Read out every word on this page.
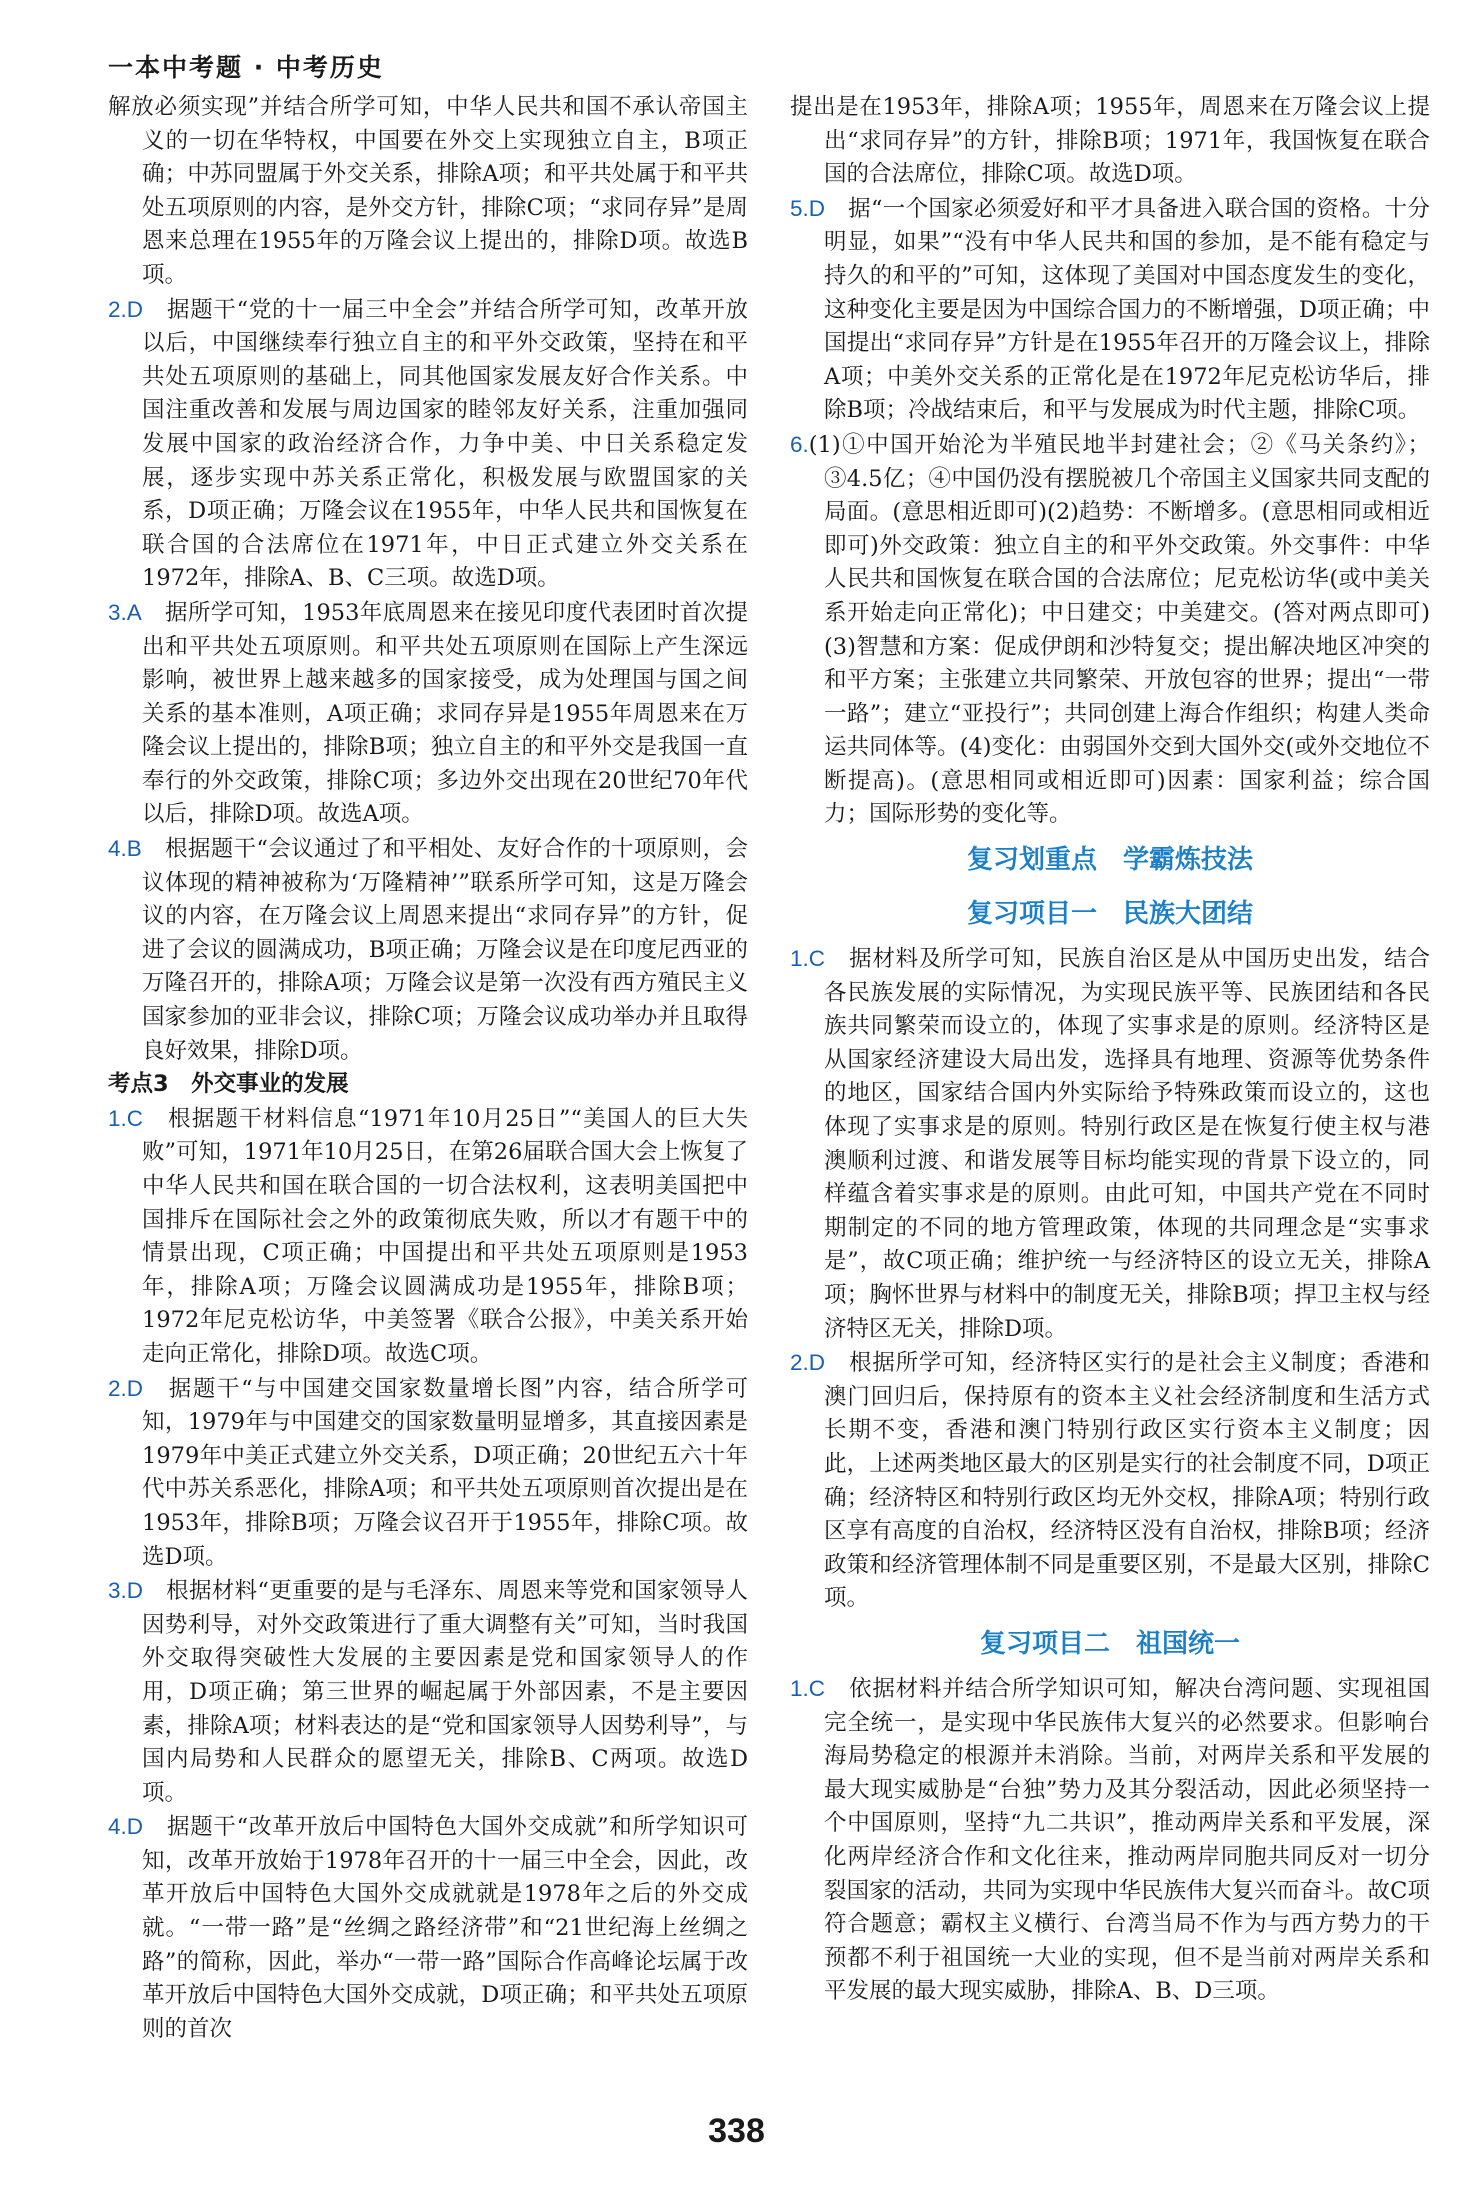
一本中考题 · 中考历史

解放必须实现”并结合所学可知，中华人民共和国不承认帝国主义的一切在华特权，中国要在外交上实现独立自主，B项正确；中苏同盟属于外交关系，排除A项；和平共处属于和平共处五项原则的内容，是外交方针，排除C项；“求同存异”是周恩来总理在1955年的万隆会议上提出的，排除D项。故选B项。

2.D　 据题干“党的十一届三中全会”并结合所学可知，改革开放以后，中国继续奉行独立自主的和平外交政策，坚持在和平共处五项原则的基础上，同其他国家发展友好合作关系。中国注重改善和发展与周边国家的睦邻友好关系，注重加强同发展中国家的政治经济合作，力争中美、中日关系稳定发展，逐步实现中苏关系正常化，积极发展与欧盟国家的关系，D项正确；万隆会议在1955年，中华人民共和国恢复在联合国的合法席位在1971年，中日正式建立外交关系在1972年，排除A、B、C三项。故选D项。

3.A　 据所学可知，1953年底周恩来在接见印度代表团时首次提出和平共处五项原则。和平共处五项原则在国际上产生深远影响，被世界上越来越多的国家接受，成为处理国与国之间关系的基本准则，A项正确；求同存异是1955年周恩来在万隆会议上提出的，排除B项；独立自主的和平外交是我国一直奉行的外交政策，排除C项；多边外交出现在20世纪70年代以后，排除D项。故选A项。

4.B　 根据题干“会议通过了和平相处、友好合作的十项原则，会议体现的精神被称为‘万隆精神’”联系所学可知，这是万隆会议的内容，在万隆会议上周恩来提出“求同存异”的方针，促进了会议的圆满成功，B项正确；万隆会议是在印度尼西亚的万隆召开的，排除A项；万隆会议是第一次没有西方殖民主义国家参加的亚非会议，排除C项；万隆会议成功举办并且取得良好效果，排除D项。

考点3　外交事业的发展

1.C　 根据题干材料信息“1971年10月25日”“美国人的巨大失败”可知，1971年10月25日，在第26届联合国大会上恢复了中华人民共和国在联合国的一切合法权利，这表明美国把中国排斥在国际社会之外的政策彻底失败，所以才有题干中的情景出现，C项正确；中国提出和平共处五项原则是1953年，排除A项；万隆会议圆满成功是1955年，排除B项；1972年尼克松访华，中美签署《联合公报》，中美关系开始走向正常化，排除D项。故选C项。

2.D　 据题干“与中国建交国家数量增长图”内容，结合所学可知，1979年与中国建交的国家数量明显增多，其直接因素是1979年中美正式建立外交关系，D项正确；20世纪五六十年代中苏关系恶化，排除A项；和平共处五项原则首次提出是在1953年，排除B项；万隆会议召开于1955年，排除C项。故选D项。

3.D　 根据材料“更重要的是与毛泽东、周恩来等党和国家领导人因势利导，对外交政策进行了重大调整有关”可知，当时我国外交取得突破性大发展的主要因素是党和国家领导人的作用，D项正确；第三世界的崛起属于外部因素，不是主要因素，排除A项；材料表达的是“党和国家领导人因势利导”，与国内局势和人民群众的愿望无关，排除B、C两项。故选D项。

4.D　 据题干“改革开放后中国特色大国外交成就”和所学知识可知，改革开放始于1978年召开的十一届三中全会，因此，改革开放后中国特色大国外交成就就是1978年之后的外交成就。“一带一路”是“丝绸之路经济带”和“21世纪海上丝绸之路”的简称，因此，举办“一带一路”国际合作高峰论坛属于改革开放后中国特色大国外交成就，D项正确；和平共处五项原则的首次

提出是在1953年，排除A项；1955年，周恩来在万隆会议上提出“求同存异”的方针，排除B项；1971年，我国恢复在联合国的合法席位，排除C项。故选D项。

5.D　 据“一个国家必须爱好和平才具备进入联合国的资格。十分明显，如果”“没有中华人民共和国的参加，是不能有稳定与持久的和平的”可知，这体现了美国对中国态度发生的变化，这种变化主要是因为中国综合国力的不断增强，D项正确；中国提出“求同存异”方针是在1955年召开的万隆会议上，排除A项；中美外交关系的正常化是在1972年尼克松访华后，排除B项；冷战结束后，和平与发展成为时代主题，排除C项。

6.(1)①中国开始沦为半殖民地半封建社会；②《马关条约》；③4.5亿；④中国仍没有摆脱被几个帝国主义国家共同支配的局面。(意思相近即可)(2)趋势：不断增多。(意思相同或相近即可)外交政策：独立自主的和平外交政策。外交事件：中华人民共和国恢复在联合国的合法席位；尼克松访华(或中美关系开始走向正常化)；中日建交；中美建交。(答对两点即可)(3)智慧和方案：促成伊朗和沙特复交；提出解决地区冲突的和平方案；主张建立共同繁荣、开放包容的世界；提出“一带一路”；建立“亚投行”；共同创建上海合作组织；构建人类命运共同体等。(4)变化：由弱国外交到大国外交(或外交地位不断提高)。(意思相同或相近即可)因素：国家利益；综合国力；国际形势的变化等。

复习划重点　学霸炼技法

复习项目一　民族大团结

1.C　 据材料及所学可知，民族自治区是从中国历史出发，结合各民族发展的实际情况，为实现民族平等、民族团结和各民族共同繁荣而设立的，体现了实事求是的原则。经济特区是从国家经济建设大局出发，选择具有地理、资源等优势条件的地区，国家结合国内外实际给予特殊政策而设立的，这也体现了实事求是的原则。特别行政区是在恢复行使主权与港澳顺利过渡、和谐发展等目标均能实现的背景下设立的，同样蕴含着实事求是的原则。由此可知，中国共产党在不同时期制定的不同的地方管理政策，体现的共同理念是“实事求是”，故C项正确；维护统一与经济特区的设立无关，排除A项；胸怀世界与材料中的制度无关，排除B项；捍卫主权与经济特区无关，排除D项。

2.D　 根据所学可知，经济特区实行的是社会主义制度；香港和澳门回归后，保持原有的资本主义社会经济制度和生活方式长期不变，香港和澳门特别行政区实行资本主义制度；因此，上述两类地区最大的区别是实行的社会制度不同，D项正确；经济特区和特别行政区均无外交权，排除A项；特别行政区享有高度的自治权，经济特区没有自治权，排除B项；经济政策和经济管理体制不同是重要区别，不是最大区别，排除C项。

复习项目二　祖国统一

1.C　 依据材料并结合所学知识可知，解决台湾问题、实现祖国完全统一，是实现中华民族伟大复兴的必然要求。但影响台海局势稳定的根源并未消除。当前，对两岸关系和平发展的最大现实威胁是“台独”势力及其分裂活动，因此必须坚持一个中国原则，坚持“九二共识”，推动两岸关系和平发展，深化两岸经济合作和文化往来，推动两岸同胞共同反对一切分裂国家的活动，共同为实现中华民族伟大复兴而奋斗。故C项符合题意；霸权主义横行、台湾当局不作为与西方势力的干预都不利于祖国统一大业的实现，但不是当前对两岸关系和平发展的最大现实威胁，排除A、B、D三项。

338
